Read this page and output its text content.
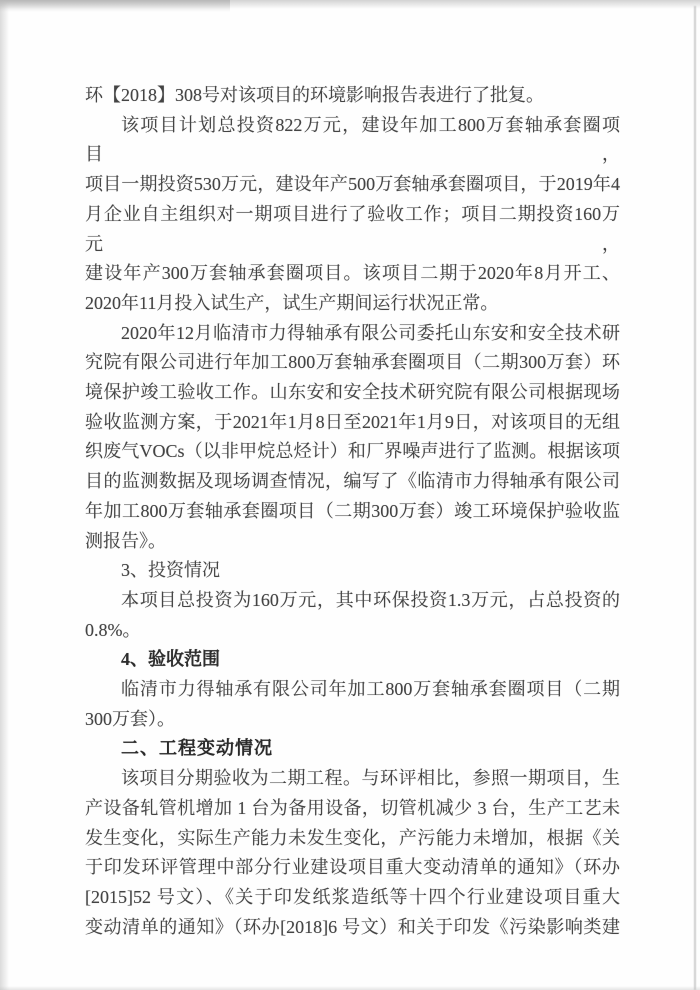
环【2018】308号对该项目的环境影响报告表进行了批复。
该项目计划总投资822万元，建设年加工800万套轴承套圈项目，
项目一期投资530万元，建设年产500万套轴承套圈项目，于2019年4
月企业自主组织对一期项目进行了验收工作；项目二期投资160万元，
建设年产300万套轴承套圈项目。该项目二期于2020年8月开工、
2020年11月投入试生产，试生产期间运行状况正常。
2020年12月临清市力得轴承有限公司委托山东安和安全技术研
究院有限公司进行年加工800万套轴承套圈项目（二期300万套）环
境保护竣工验收工作。山东安和安全技术研究院有限公司根据现场
验收监测方案，于2021年1月8日至2021年1月9日，对该项目的无组
织废气VOCs（以非甲烷总烃计）和厂界噪声进行了监测。根据该项
目的监测数据及现场调查情况，编写了《临清市力得轴承有限公司
年加工800万套轴承套圈项目（二期300万套）竣工环境保护验收监
测报告》。
3、投资情况
本项目总投资为160万元，其中环保投资1.3万元，占总投资的
0.8%。
4、验收范围
临清市力得轴承有限公司年加工800万套轴承套圈项目（二期
300万套）。
二、工程变动情况
该项目分期验收为二期工程。与环评相比，参照一期项目，生
产设备轧管机增加 1 台为备用设备，切管机减少 3 台，生产工艺未
发生变化，实际生产能力未发生变化，产污能力未增加，根据《关
于印发环评管理中部分行业建设项目重大变动清单的通知》（环办
[2015]52 号文）、《关于印发纸浆造纸等十四个行业建设项目重大
变动清单的通知》（环办[2018]6 号文）和关于印发《污染影响类建
